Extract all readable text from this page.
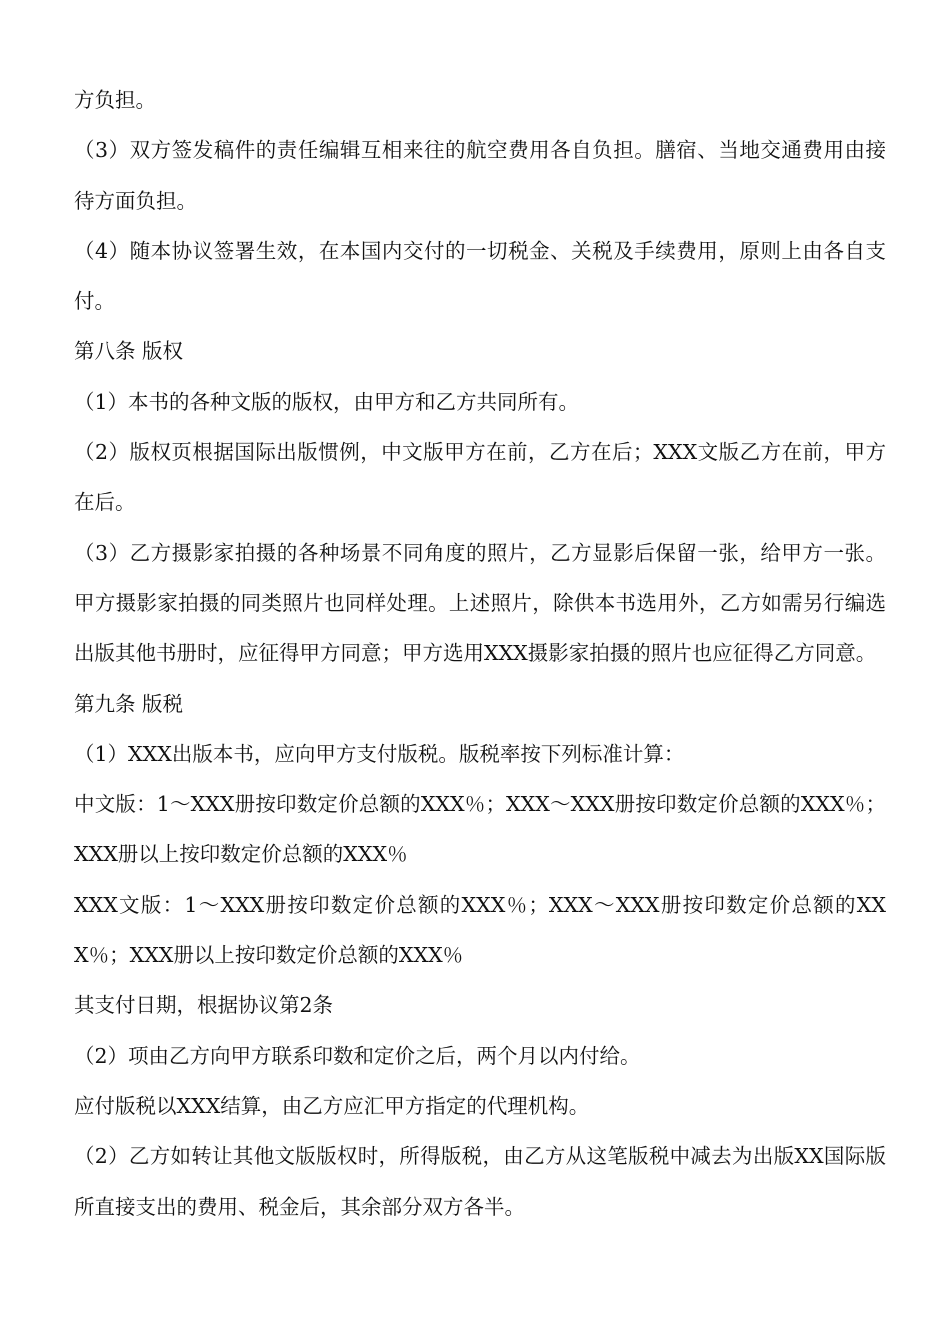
方负担。

（3）双方签发稿件的责任编辑互相来往的航空费用各自负担。膳宿、当地交通费用由接待方面负担。

（4）随本协议签署生效，在本国内交付的一切税金、关税及手续费用，原则上由各自支付。

第八条 版权

（1）本书的各种文版的版权，由甲方和乙方共同所有。

（2）版权页根据国际出版惯例，中文版甲方在前，乙方在后；XXX文版乙方在前，甲方在后。

（3）乙方摄影家拍摄的各种场景不同角度的照片，乙方显影后保留一张，给甲方一张。甲方摄影家拍摄的同类照片也同样处理。上述照片，除供本书选用外，乙方如需另行编选出版其他书册时，应征得甲方同意；甲方选用XXX摄影家拍摄的照片也应征得乙方同意。

第九条 版税

（1）XXX出版本书，应向甲方支付版税。版税率按下列标准计算：

中文版：1～XXX册按印数定价总额的XXX％；XXX～XXX册按印数定价总额的XXX％；XXX册以上按印数定价总额的XXX％

XXX文版：1～XXX册按印数定价总额的XXX％；XXX～XXX册按印数定价总额的XXX％；XXX册以上按印数定价总额的XXX％

其支付日期，根据协议第2条

（2）项由乙方向甲方联系印数和定价之后，两个月以内付给。

应付版税以XXX结算，由乙方应汇甲方指定的代理机构。

（2）乙方如转让其他文版版权时，所得版税，由乙方从这笔版税中减去为出版XX国际版所直接支出的费用、税金后，其余部分双方各半。
